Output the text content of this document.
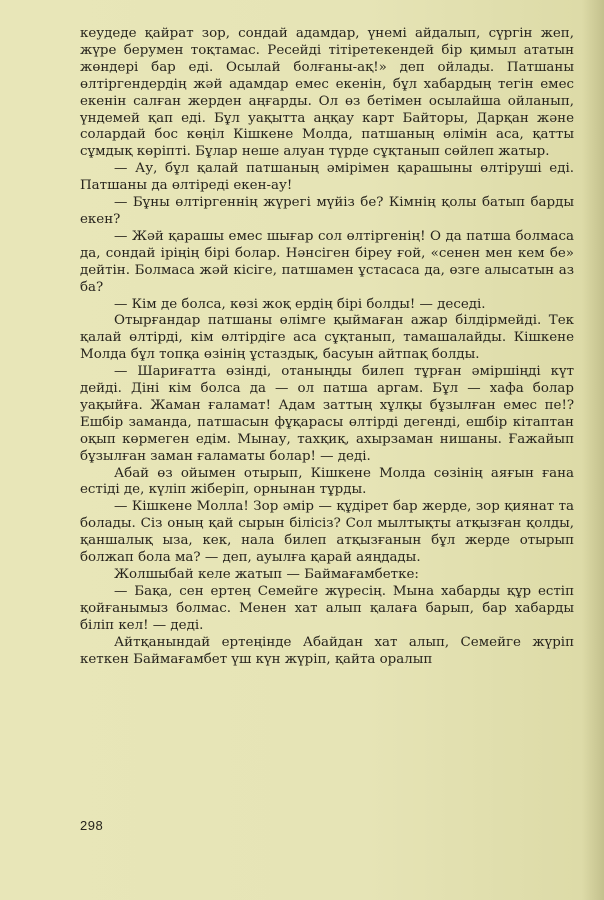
кеудеде қайрат зор, сондай адамдар, үнемі айдалып, сүргін жеп, жүре берумен тоқтамас. Ресейді тітіретекендей бір қимыл ататын жөндері бар еді. Осылай болғаны-ақ!» деп ойлады. Патшаны өлтіргендердің жәй адамдар емес екенін, бұл хабардың тегін емес екенін салған жерден аңғарды. Ол өз бетімен осылайша ойланып, үндемей қап еді. Бұл уақытта аңқау карт Байторы, Дарқан және солардай бос көңіл Кішкене Молда, патшаның өлімін аса, қатты сұмдық көріпті. Бұлар неше алуан түрде сұқтанып сөйлеп жатыр.

— Ау, бұл қалай патшаның әмірімен қарашыны өлтіруші еді. Патшаны да өлтіреді екен-ау!

— Бұны өлтіргеннің жүрегі мүйіз бе? Кімнің қолы батып барды екен?

— Жәй қарашы емес шығар сол өлтіргенің! О да патша болмаса да, сондай іріңің бірі болар. Нәнсіген біреу ғой, «сенен мен кем бе» дейтін. Болмаса жәй кісіге, патшамен ұстасаса да, өзге алысатын аз ба?

— Кім де болса, көзі жоқ ердің бірі болды! — деседі.

Отырғандар патшаны өлімге қыймаған ажар білдірмейді. Тек қалай өлтірді, кім өлтірдіге аса сұқтанып, тамашалайды. Кішкене Молда бұл топқа өзінің ұстаздық, басуын айтпақ болды.

— Шариғатта өзінді, отаныңды билеп тұрған әміршіңді күт дейді. Діні кім болса да — ол патша аргам. Бұл — хафа болар уақыйға. Жаман ғаламат! Адам заттың хұлқы бұзылған емес пе!? Ешбір заманда, патшасын фұқарасы өлтірді дегенді, ешбір кітаптан оқып көрмеген едім. Мынау, тахқиқ, ахырзаман нишаны. Ғажайып бұзылған заман ғаламаты болар! — деді.

Абай өз ойымен отырып, Кішкене Молда сөзінің аяғын ғана естіді де, күліп жіберіп, орнынан тұрды.

— Кішкене Молла! Зор әмір — құдірет бар жерде, зор қиянат та болады. Сіз оның қай сырын білісіз? Сол мылтықты атқызған қолды, қаншалық ыза, кек, нала билеп атқызғанын бұл жерде отырып болжап бола ма? — деп, ауылға қарай аяңдады.

Жолшыбай келе жатып — Баймағамбетке:

— Бақа, сен ертең Семейге жүресің. Мына хабарды құр естіп қойғанымыз болмас. Менен хат алып қалаға барып, бар хабарды біліп кел! — деді.

Айтқанындай ертеңінде Абайдан хат алып, Семейге жүріп кеткен Баймағамбет үш күн жүріп, қайта оралып

298
